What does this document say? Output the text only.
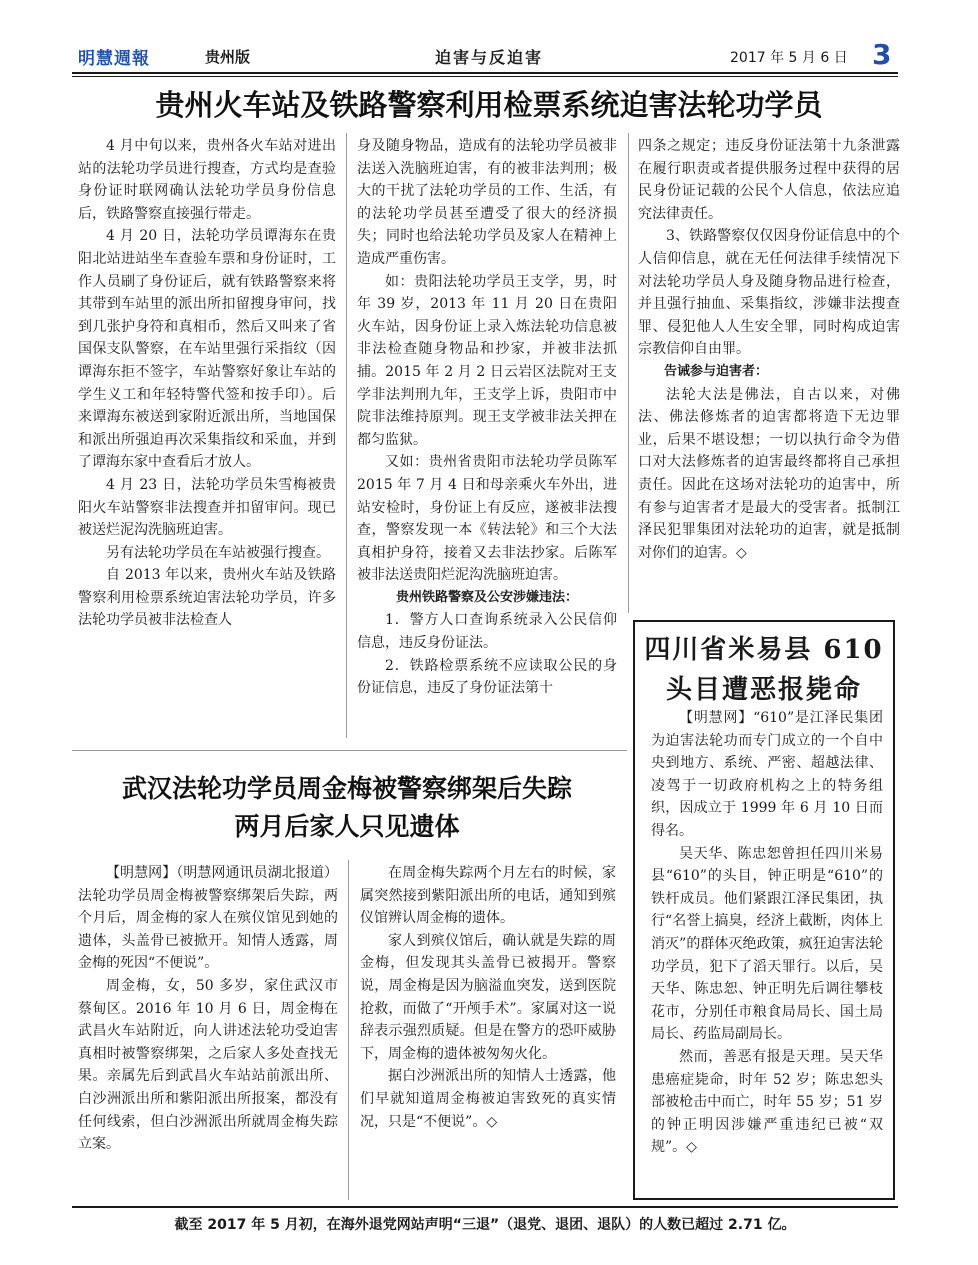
明慧週報	贵州版	迫害与反迫害	2017 年 5 月 6 日 3
贵州火车站及铁路警察利用检票系统迫害法轮功学员

4 月中旬以来，贵州各火车站对进出站的法轮功学员进行搜查，方式均是查验身份证时联网确认法轮功学员身份信息后，铁路警察直接强行带走。

4 月 20 日，法轮功学员谭海东在贵阳北站进站坐车查验车票和身份证时，工作人员刷了身份证后，就有铁路警察来将其带到车站里的派出所扣留搜身审问，找到几张护身符和真相币，然后又叫来了省国保支队警察，在车站里强行采指纹（因谭海东拒不签字，车站警察好象让车站的学生义工和年轻特警代签和按手印）。后来谭海东被送到家附近派出所，当地国保和派出所强迫再次采集指纹和采血，并到了谭海东家中查看后才放人。

4 月 23 日，法轮功学员朱雪梅被贵阳火车站警察非法搜查并扣留审问。现已被送烂泥沟洗脑班迫害。

另有法轮功学员在车站被强行搜查。

自 2013 年以来，贵州火车站及铁路警察利用检票系统迫害法轮功学员，许多法轮功学员被非法检查人

身及随身物品，造成有的法轮功学员被非法送入洗脑班迫害，有的被非法判刑；极大的干扰了法轮功学员的工作、生活，有的法轮功学员甚至遭受了很大的经济损失；同时也给法轮功学员及家人在精神上造成严重伤害。

如：贵阳法轮功学员王支学，男，时年 39 岁，2013 年 11 月 20 日在贵阳火车站，因身份证上录入炼法轮功信息被非法检查随身物品和抄家，并被非法抓捕。2015 年 2 月 2 日云岩区法院对王支学非法判刑九年，王支学上诉，贵阳市中院非法维持原判。现王支学被非法关押在都匀监狱。

又如：贵州省贵阳市法轮功学员陈军 2015 年 7 月 4 日和母亲乘火车外出，进站安检时，身份证上有反应，遂被非法搜查，警察发现一本《转法轮》和三个大法真相护身符，接着又去非法抄家。后陈军被非法送贵阳烂泥沟洗脑班迫害。

贵州铁路警察及公安涉嫌违法：

1．警方人口查询系统录入公民信仰信息，违反身份证法。

2．铁路检票系统不应读取公民的身份证信息，违反了身份证法第十

四条之规定；违反身份证法第十九条泄露在履行职责或者提供服务过程中获得的居民身份证记载的公民个人信息，依法应追究法律责任。

3、铁路警察仅仅因身份证信息中的个人信仰信息，就在无任何法律手续情况下对法轮功学员人身及随身物品进行检查，并且强行抽血、采集指纹，涉嫌非法搜查罪、侵犯他人人生安全罪，同时构成迫害宗教信仰自由罪。

告诫参与迫害者：

法轮大法是佛法，自古以来，对佛法、佛法修炼者的迫害都将造下无边罪业，后果不堪设想；一切以执行命令为借口对大法修炼者的迫害最终都将自己承担责任。因此在这场对法轮功的迫害中，所有参与迫害者才是最大的受害者。抵制江泽民犯罪集团对法轮功的迫害，就是抵制对你们的迫害。◇

四川省米易县 610
头目遭恶报毙命

【明慧网】“610”是江泽民集团为迫害法轮功而专门成立的一个自中央到地方、系统、严密、超越法律、凌驾于一切政府机构之上的特务组织，因成立于 1999 年 6 月 10 日而得名。

吴天华、陈忠恕曾担任四川米易县“610”的头目，钟正明是“610”的铁杆成员。他们紧跟江泽民集团，执行“名誉上搞臭，经济上截断，肉体上消灭”的群体灭绝政策，疯狂迫害法轮功学员，犯下了滔天罪行。以后，吴天华、陈忠恕、钟正明先后调往攀枝花市，分别任市粮食局局长、国土局局长、药监局副局长。

然而，善恶有报是天理。吴天华患癌症毙命，时年 52 岁；陈忠恕头部被枪击中而亡，时年 55 岁；51 岁的钟正明因涉嫌严重违纪已被“双规”。◇

武汉法轮功学员周金梅被警察绑架后失踪
两月后家人只见遗体

【明慧网】（明慧网通讯员湖北报道）法轮功学员周金梅被警察绑架后失踪，两个月后，周金梅的家人在殡仪馆见到她的遗体，头盖骨已被掀开。知情人透露，周金梅的死因“不便说”。

周金梅，女，50 多岁，家住武汉市蔡甸区。2016 年 10 月 6 日，周金梅在武昌火车站附近，向人讲述法轮功受迫害真相时被警察绑架，之后家人多处查找无果。亲属先后到武昌火车站站前派出所、白沙洲派出所和紫阳派出所报案，都没有任何线索，但白沙洲派出所就周金梅失踪立案。

在周金梅失踪两个月左右的时候，家属突然接到紫阳派出所的电话，通知到殡仪馆辨认周金梅的遗体。

家人到殡仪馆后，确认就是失踪的周金梅，但发现其头盖骨已被揭开。警察说，周金梅是因为脑溢血突发，送到医院抢救，而做了“开颅手术”。家属对这一说辞表示强烈质疑。但是在警方的恐吓威胁下，周金梅的遗体被匆匆火化。

据白沙洲派出所的知情人士透露，他们早就知道周金梅被迫害致死的真实情况，只是“不便说”。◇

截至 2017 年 5 月初，在海外退党网站声明“三退”（退党、退团、退队）的人数已超过 2.71 亿。
